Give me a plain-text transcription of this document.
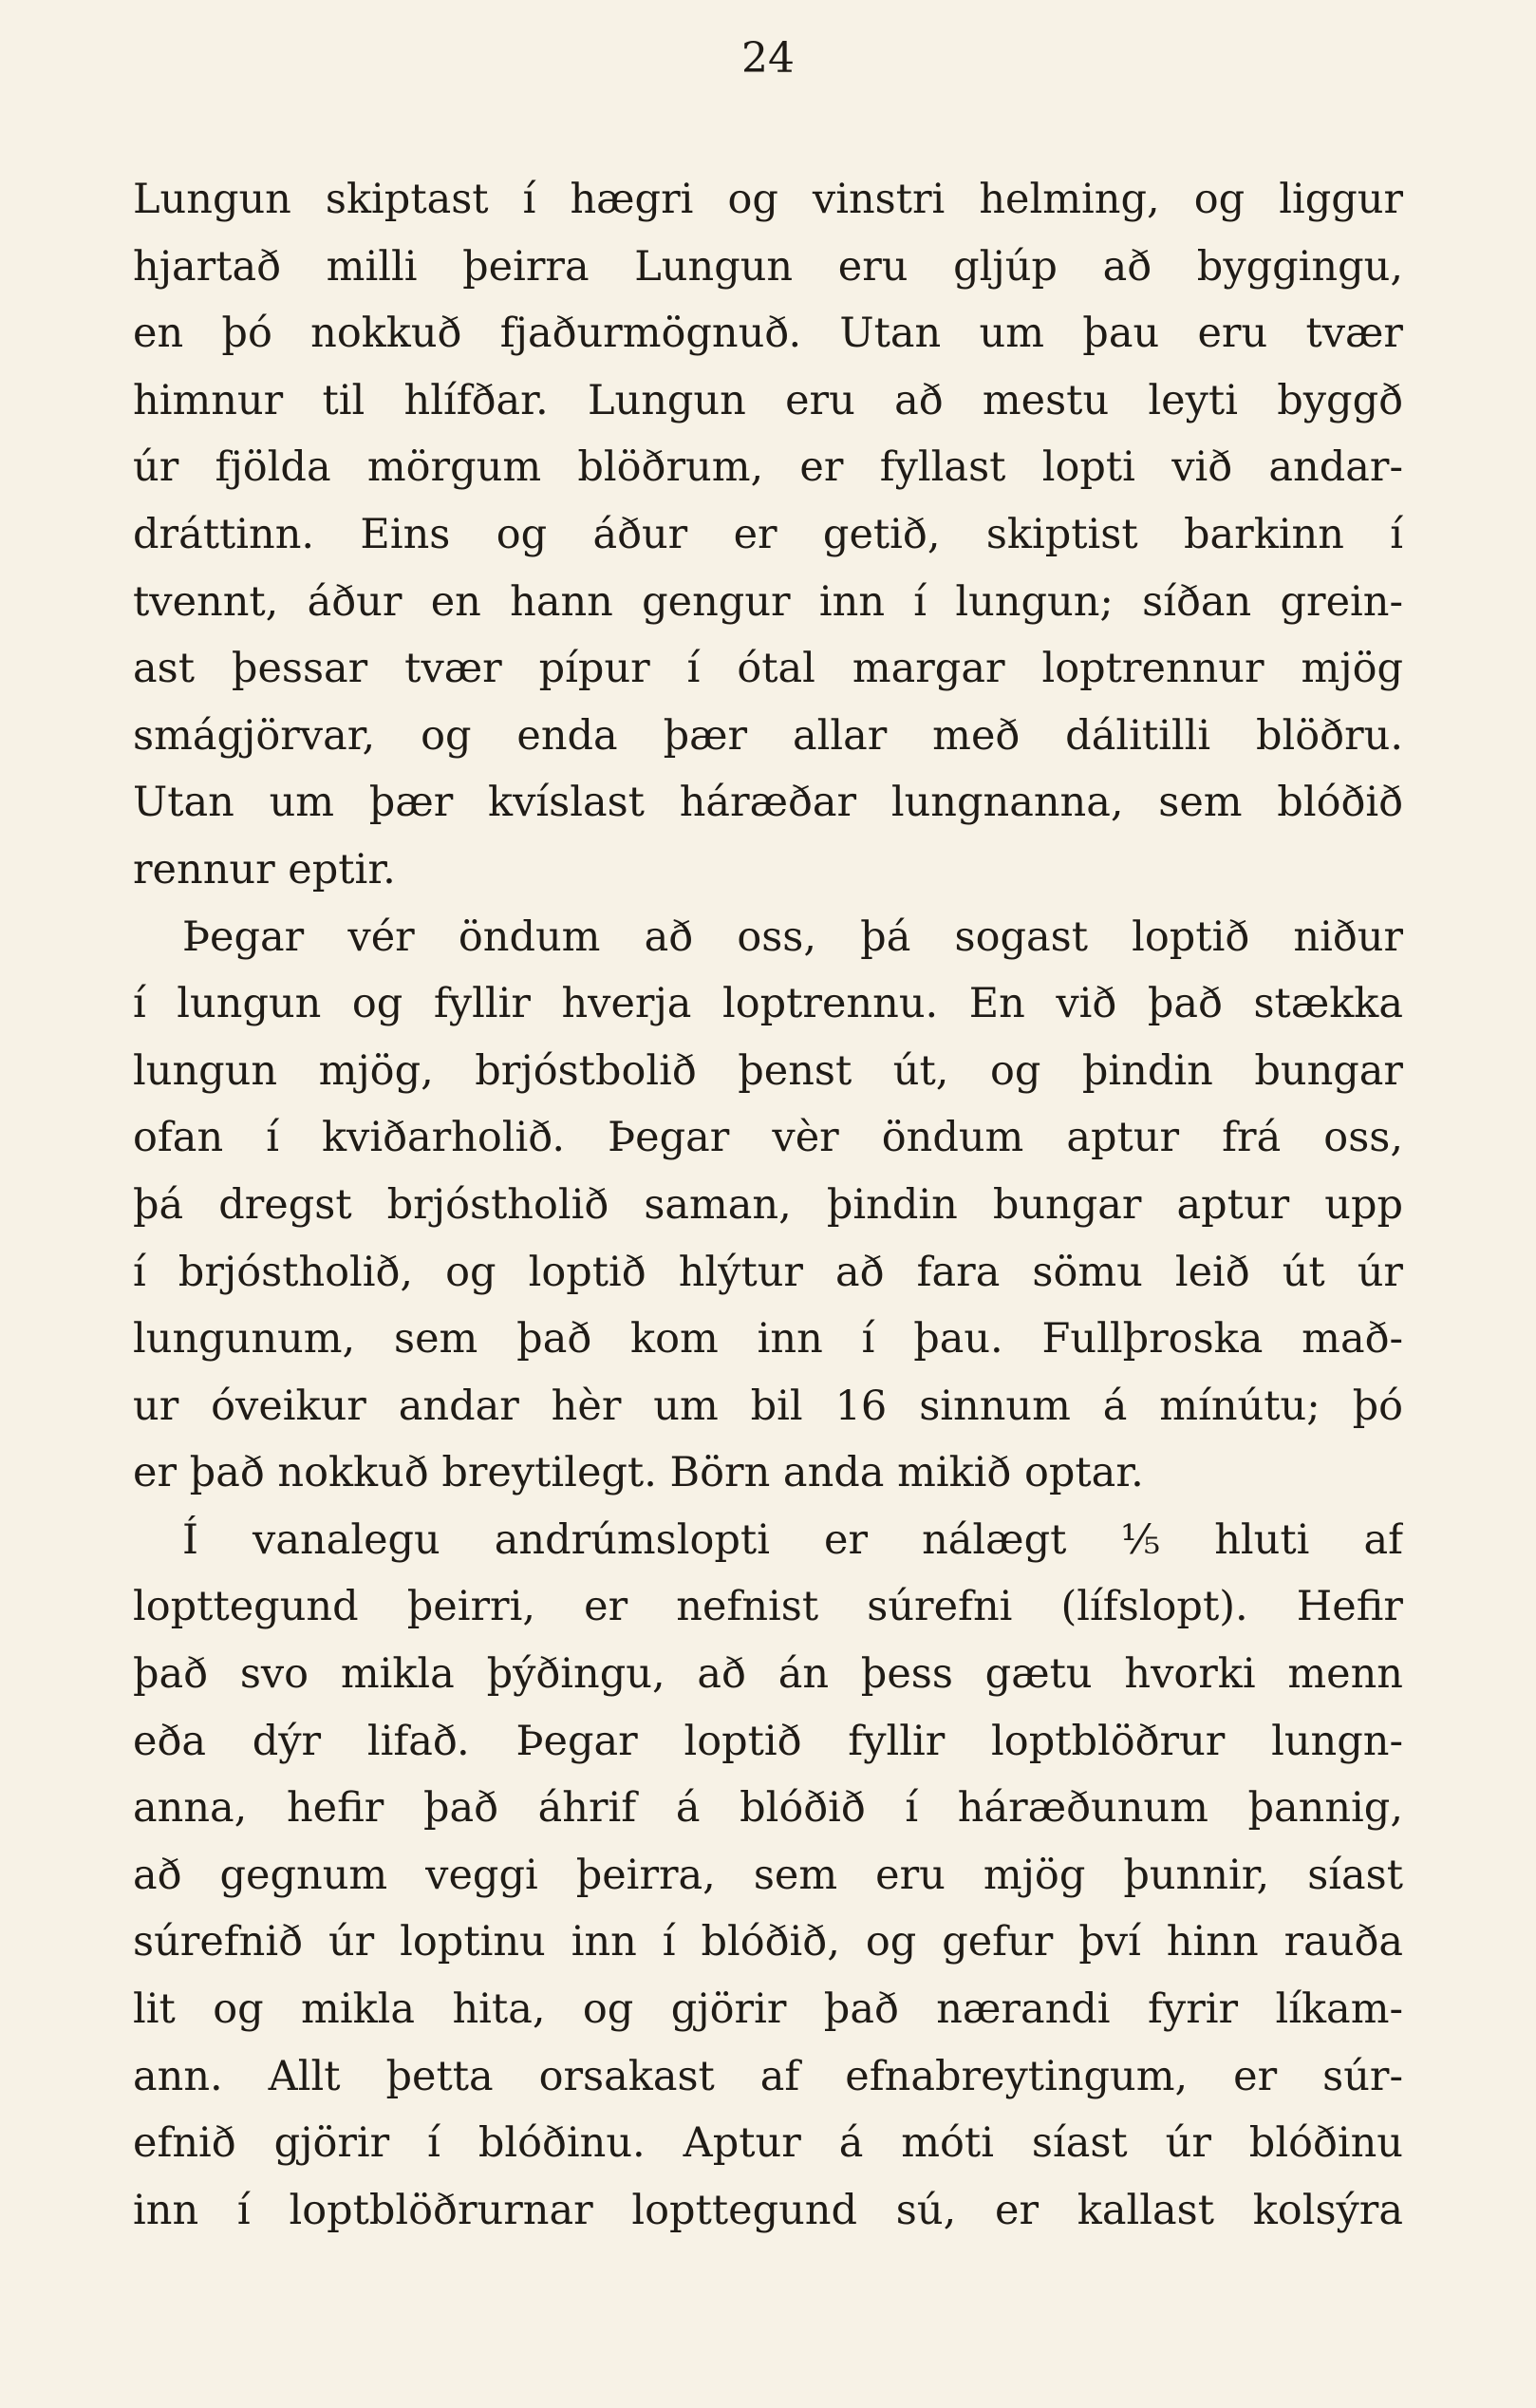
24
Lungun skiptast í hægri og vinstri helming, og liggur
hjartað milli þeirra Lungun eru gljúp að byggingu,
en þó nokkuð fjaðurmögnuð. Utan um þau eru tvær
himnur til hlífðar. Lungun eru að mestu leyti byggð
úr fjölda mörgum blöðrum, er fyllast lopti við andar-
dráttinn. Eins og áður er getið, skiptist barkinn í
tvennt, áður en hann gengur inn í lungun; síðan grein-
ast þessar tvær pípur í ótal margar loptrennur mjög
smágjörvar, og enda þær allar með dálitilli blöðru.
Utan um þær kvíslast háræðar lungnanna, sem blóðið
rennur eptir.
Þegar vér öndum að oss, þá sogast loptið niður
í lungun og fyllir hverja loptrennu. En við það stækka
lungun mjög, brjóstbolið þenst út, og þindin bungar
ofan í kviðarholið. Þegar vèr öndum aptur frá oss,
þá dregst brjóstholið saman, þindin bungar aptur upp
í brjóstholið, og loptið hlýtur að fara sömu leið út úr
lungunum, sem það kom inn í þau. Fullþroska mað-
ur óveikur andar hèr um bil 16 sinnum á mínútu; þó
er það nokkuð breytilegt. Börn anda mikið optar.
Í vanalegu andrúmslopti er nálægt ⅕ hluti af
lopttegund þeirri, er nefnist súrefni (lífslopt). Hefir
það svo mikla þýðingu, að án þess gætu hvorki menn
eða dýr lifað. Þegar loptið fyllir loptblöðrur lungn-
anna, hefir það áhrif á blóðið í háræðunum þannig,
að gegnum veggi þeirra, sem eru mjög þunnir, síast
súrefnið úr loptinu inn í blóðið, og gefur því hinn rauða
lit og mikla hita, og gjörir það nærandi fyrir líkam-
ann. Allt þetta orsakast af efnabreytingum, er súr-
efnið gjörir í blóðinu. Aptur á móti síast úr blóðinu
inn í loptblöðrurnar lopttegund sú, er kallast kolsýra
